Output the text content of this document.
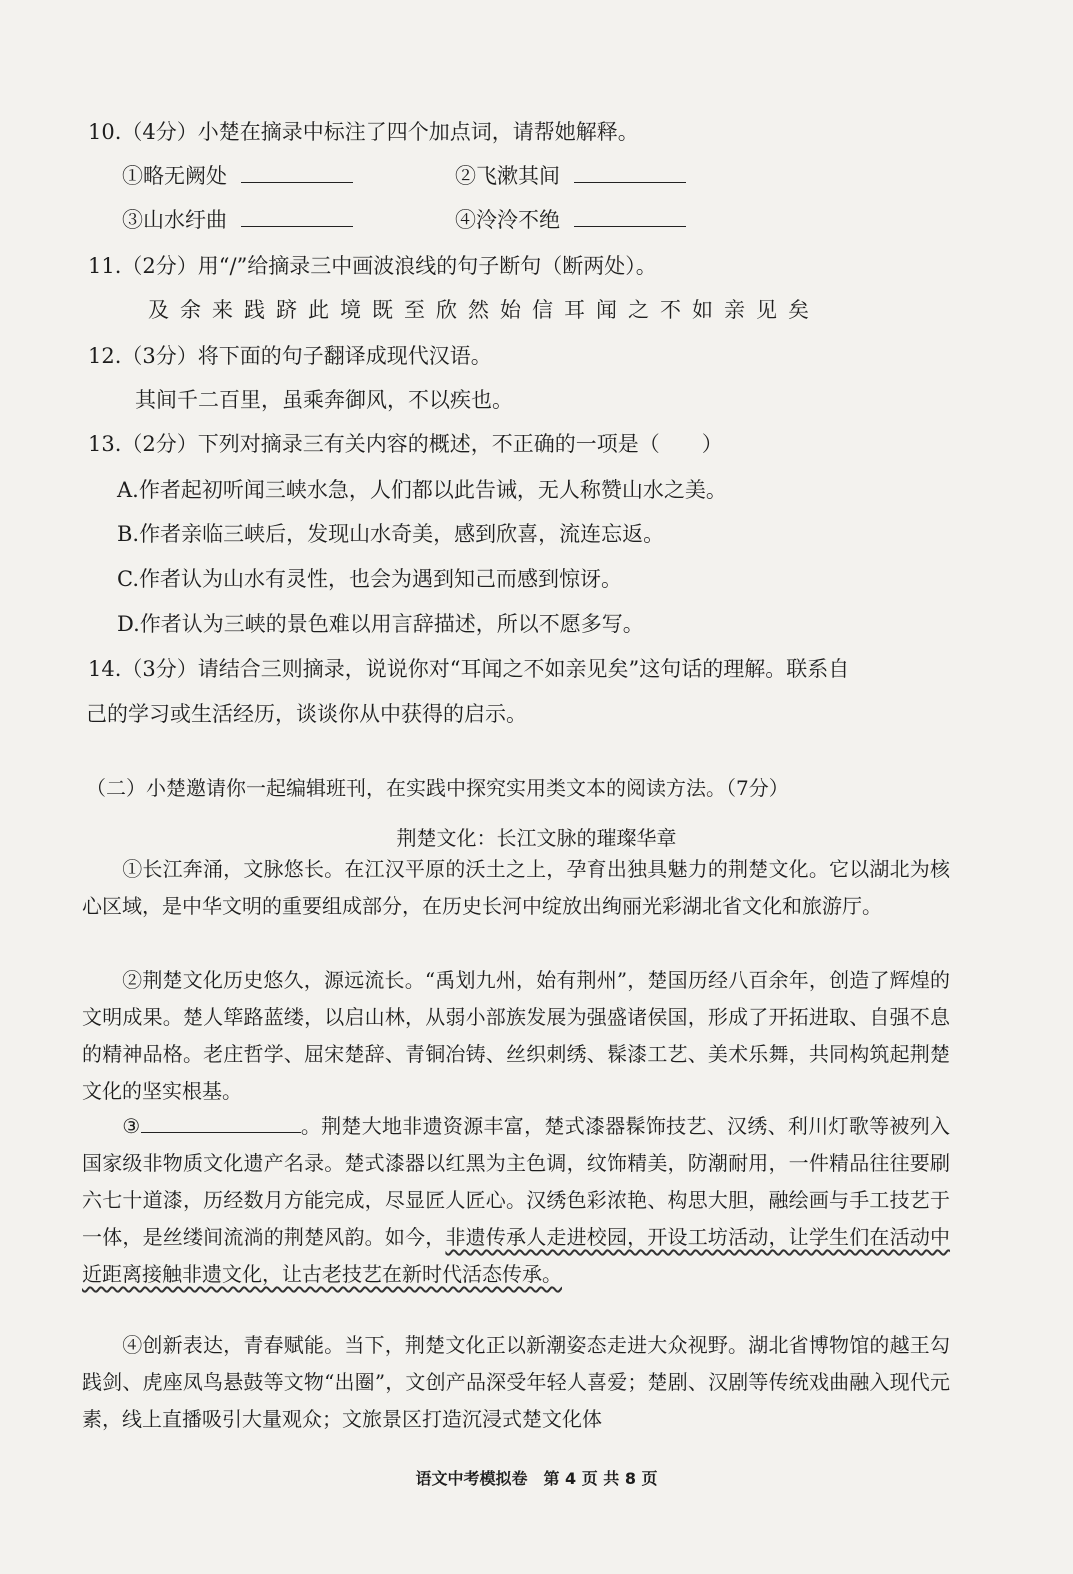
10.（4分）小楚在摘录中标注了四个加点词，请帮她解释。
①略无阙处	②飞漱其间
③山水纡曲	④泠泠不绝
11.（2分）用“/”给摘录三中画波浪线的句子断句（断两处）。
及余来践跻此境既至欣然始信耳闻之不如亲见矣
12.（3分）将下面的句子翻译成现代汉语。
其间千二百里，虽乘奔御风，不以疾也。
13.（2分）下列对摘录三有关内容的概述，不正确的一项是（　　）
A.作者起初听闻三峡水急，人们都以此告诫，无人称赞山水之美。
B.作者亲临三峡后，发现山水奇美，感到欣喜，流连忘返。
C.作者认为山水有灵性，也会为遇到知己而感到惊讶。
D.作者认为三峡的景色难以用言辞描述，所以不愿多写。
14.（3分）请结合三则摘录，说说你对“耳闻之不如亲见矣”这句话的理解。联系自
己的学习或生活经历，谈谈你从中获得的启示。
（二）小楚邀请你一起编辑班刊，在实践中探究实用类文本的阅读方法。（7分）
荆楚文化：长江文脉的璀璨华章
①长江奔涌，文脉悠长。在江汉平原的沃土之上，孕育出独具魅力的荆楚文化。它以湖北为核心区域，是中华文明的重要组成部分，在历史长河中绽放出绚丽光彩湖北省文化和旅游厅。
②荆楚文化历史悠久，源远流长。“禹划九州，始有荆州”，楚国历经八百余年，创造了辉煌的文明成果。楚人筚路蓝缕，以启山林，从弱小部族发展为强盛诸侯国，形成了开拓进取、自强不息的精神品格。老庄哲学、屈宋楚辞、青铜冶铸、丝织刺绣、髹漆工艺、美术乐舞，共同构筑起荆楚文化的坚实根基。
③	。荆楚大地非遗资源丰富，楚式漆器髹饰技艺、汉绣、利川灯歌等被列入国家级非物质文化遗产名录。楚式漆器以红黑为主色调，纹饰精美，防潮耐用，一件精品往往要刷六七十道漆，历经数月方能完成，尽显匠人匠心。汉绣色彩浓艳、构思大胆，融绘画与手工技艺于一体，是丝缕间流淌的荆楚风韵。如今，非遗传承人走进校园，开设工坊活动，让学生们在活动中近距离接触非遗文化，让古老技艺在新时代活态传承。
④创新表达，青春赋能。当下，荆楚文化正以新潮姿态走进大众视野。湖北省博物馆的越王勾践剑、虎座凤鸟悬鼓等文物“出圈”，文创产品深受年轻人喜爱；楚剧、汉剧等传统戏曲融入现代元素，线上直播吸引大量观众；文旅景区打造沉浸式楚文化体
语文中考模拟卷　第 4 页 共 8 页
